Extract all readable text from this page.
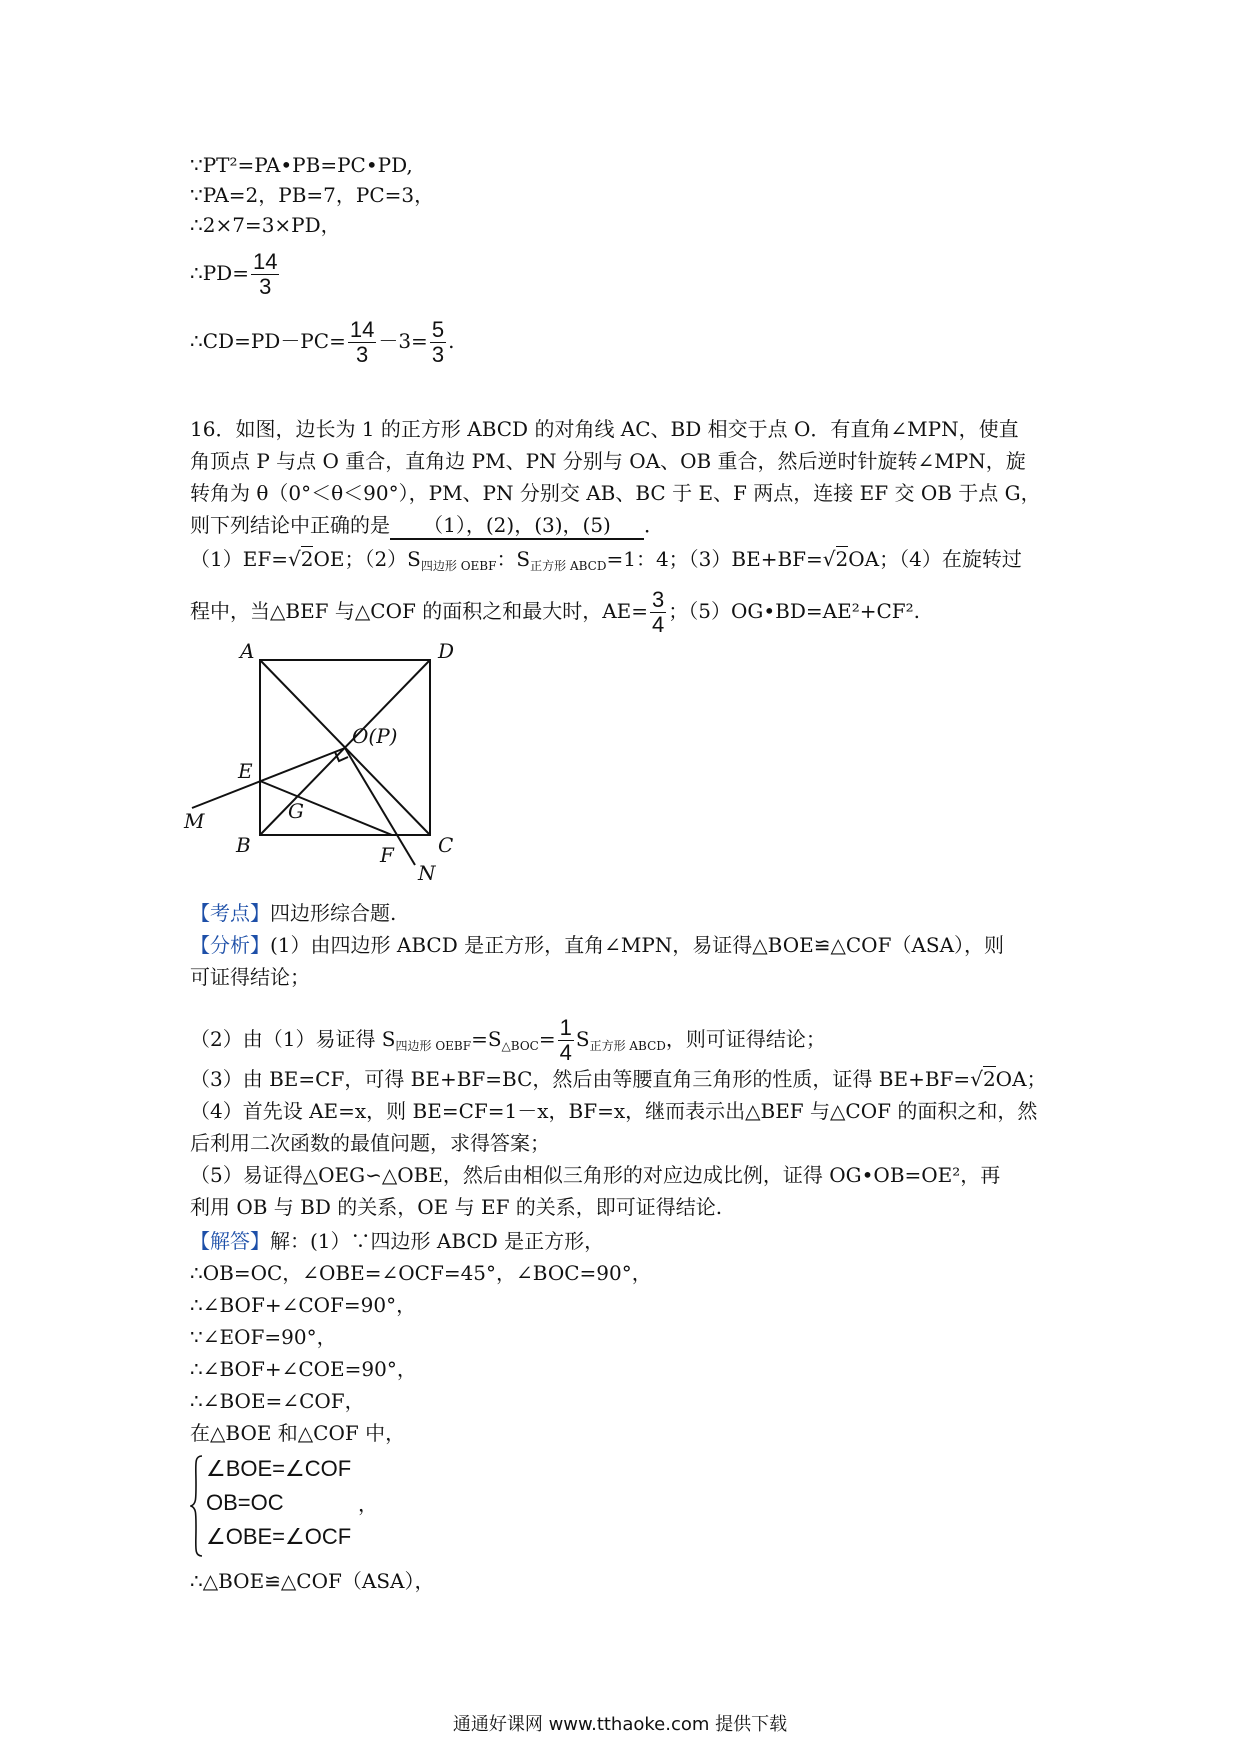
∵PT²=PA•PB=PC•PD,
∵PA=2，PB=7，PC=3，
∴2×7=3×PD，
∴PD= $\frac{14}{3}$
∴CD=PD－PC= $\frac{14}{3} -3= \frac{5}{3}$ .
16．如图，边长为 1 的正方形 ABCD 的对角线 AC、BD 相交于点 O．有直角∠MPN，使直
角顶点 P 与点 O 重合，直角边 PM、PN 分别与 OA、OB 重合，然后逆时针旋转∠MPN，旋
转角为 θ（0°＜θ＜90°），PM、PN 分别交 AB、BC 于 E、F 两点，连接 EF 交 OB 于点 G，
则下列结论中正确的是 （1），(2)，(3)，(5) ．
（1）EF=√2OE；$(2)S_{四边形 OEBF}$：$S_{正方形 ABCD}=1$：4；（3）BE+BF=√2OA；（4）在旋转过
程中，当△BEF 与△COF 的面积之和最大时，$AE= \frac{3}{4}$ ；（5）OG•BD=AE²+CF².
A	D
B	C
O(P)
E
M	G
F
N
【考点】四边形综合题.
【分析】(1）由四边形 ABCD 是正方形，直角∠MPN，易证得△BOE≌△COF（ASA），则
可证得结论；
（2）由（1）易证得 $S_{四边形 OEBF}=S_{\triangle BOC}= \frac{1}{4} S_{正方形 ABCD}$，则可证得结论；
（3）由 BE=CF，可得 BE+BF=BC，然后由等腰直角三角形的性质，证得 BE+BF=√2OA；
（4）首先设 AE=x，则 BE=CF=1－x，BF=x，继而表示出△BEF 与△COF 的面积之和，然
后利用二次函数的最值问题，求得答案；
（5）易证得△OEG∽△OBE，然后由相似三角形的对应边成比例，证得 OG•OB=OE²，再
利用 OB 与 BD 的关系，OE 与 EF 的关系，即可证得结论.
【解答】解：(1）∵四边形 ABCD 是正方形，
∴OB=OC，∠OBE=∠OCF=45°，∠BOC=90°，
∴∠BOF+∠COF=90°，
∵∠EOF=90°，
∴∠BOF+∠COE=90°，
∴∠BOE=∠COF，
在△BOE 和△COF 中，
∠BOE=∠COF
OB=OC
∠OBE=∠OCF
，
∴△BOE≌△COF（ASA），
通通好课网 www.tthaoke.com 提供下载
